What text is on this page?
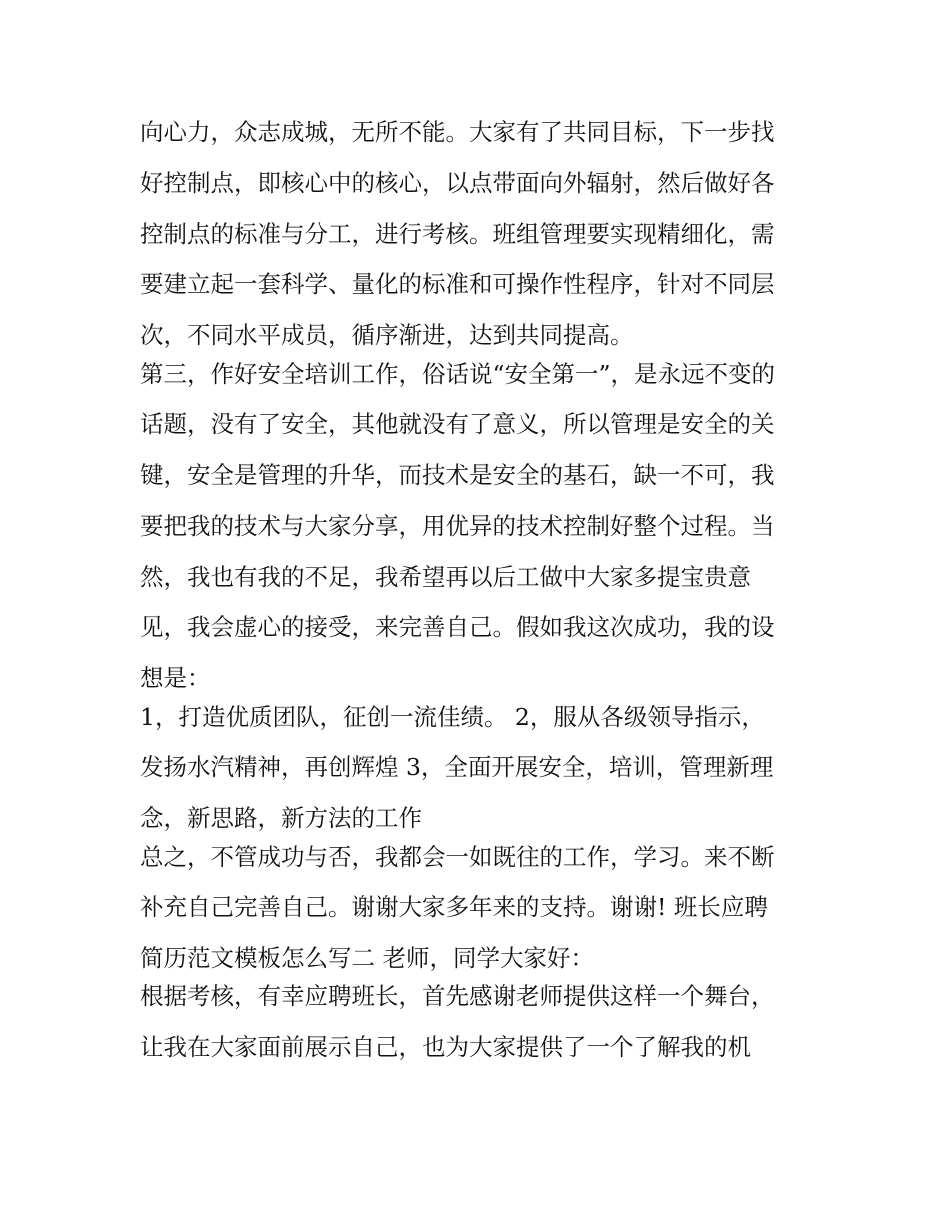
向心力，众志成城，无所不能。大家有了共同目标，下一步找
好控制点，即核心中的核心，以点带面向外辐射，然后做好各
控制点的标准与分工，进行考核。班组管理要实现精细化，需
要建立起一套科学、量化的标准和可操作性程序，针对不同层
次，不同水平成员，循序渐进，达到共同提高。
第三，作好安全培训工作，俗话说“安全第一”，是永远不变的
话题，没有了安全，其他就没有了意义，所以管理是安全的关
键，安全是管理的升华，而技术是安全的基石，缺一不可，我
要把我的技术与大家分享，用优异的技术控制好整个过程。当
然，我也有我的不足，我希望再以后工做中大家多提宝贵意
见，我会虚心的接受，来完善自己。假如我这次成功，我的设
想是：
1，打造优质团队，征创一流佳绩。 2，服从各级领导指示，
发扬水汽精神，再创辉煌 3，全面开展安全，培训，管理新理
念，新思路，新方法的工作
总之，不管成功与否，我都会一如既往的工作，学习。来不断
补充自己完善自己。谢谢大家多年来的支持。谢谢! 班长应聘
简历范文模板怎么写二 老师，同学大家好：
根据考核，有幸应聘班长，首先感谢老师提供这样一个舞台，
让我在大家面前展示自己，也为大家提供了一个了解我的机
